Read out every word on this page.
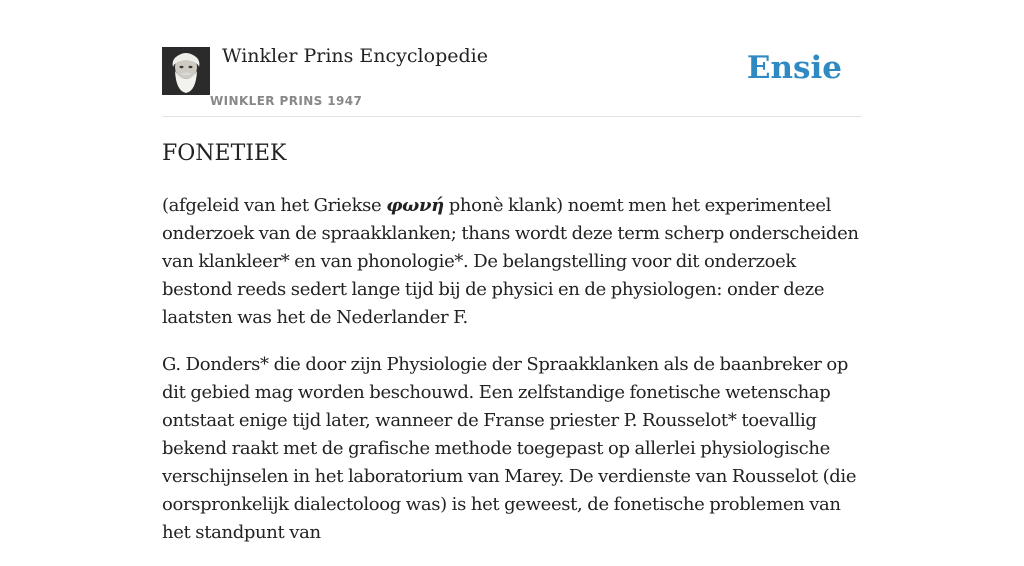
Winkler Prins Encyclopedie
WINKLER PRINS 1947
Ensie
FONETIEK

(afgeleid van het Griekse φωνή phonè klank) noemt men het experimenteel onderzoek van de spraakklanken; thans wordt deze term scherp onderscheiden van klankleer* en van phonologie*. De belangstelling voor dit onderzoek bestond reeds sedert lange tijd bij de physici en de physiologen: onder deze laatsten was het de Nederlander F.

G. Donders* die door zijn Physiologie der Spraakklanken als de baanbreker op dit gebied mag worden beschouwd. Een zelfstandige fonetische wetenschap ontstaat enige tijd later, wanneer de Franse priester P. Rousselot* toevallig bekend raakt met de grafische methode toegepast op allerlei physiologische verschijnselen in het laboratorium van Marey. De verdienste van Rousselot (die oorspronkelijk dialectoloog was) is het geweest, de fonetische problemen van het standpunt van
